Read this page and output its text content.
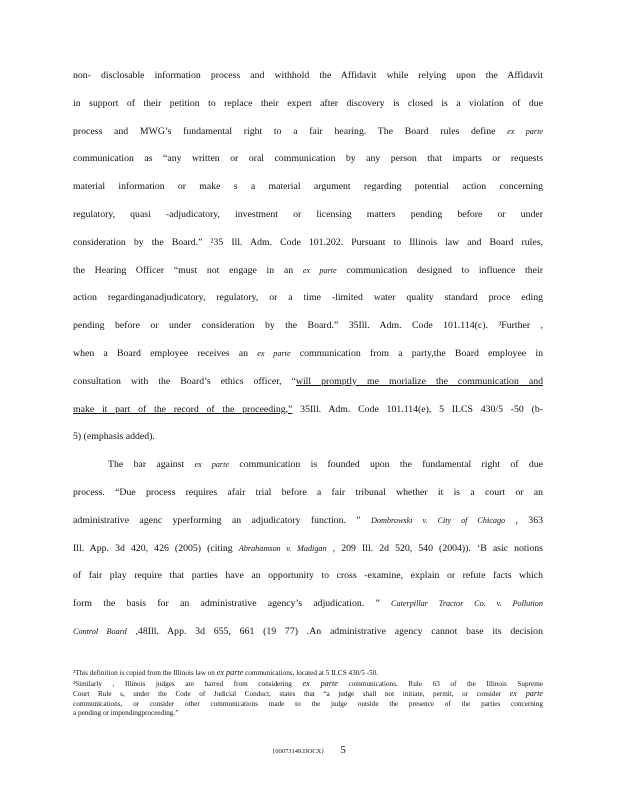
non- disclosable information process and withhold the Affidavit while relying upon the Affidavit
in support of their petition to replace their expert after discovery is closed is a violation of due
process and MWG’s fundamental right to a fair hearing. The Board rules define ex parte
communication as “any written or oral communication by any person that imparts or requests
material information or make s a material argument regarding potential action concerning
regulatory, quasi -adjudicatory, investment or licensing matters pending before or under
consideration by the Board.” ²35 Ill. Adm. Code 101.202. Pursuant to Illinois law and Board rules,
the Hearing Officer “must not engage in an ex parte communication designed to influence their
action regardinganadjudicatory, regulatory, or a time -limited water quality standard proce eding
pending before or under consideration by the Board.” 35Ill. Adm. Code 101.114(c). ³Further ,
when a Board employee receives an ex parte communication from a party,the Board employee in
consultation with the Board’s ethics officer, “will promptly me morialize the communication and
make it part of the record of the proceeding,” 35Ill. Adm. Code 101.114(e), 5 ILCS 430/5 -50 (b-
5) (emphasis added).
The bar against ex parte communication is founded upon the fundamental right of due
process. “Due process requires afair trial before a fair tribunal whether it is a court or an
administrative agenc yperforming an adjudicatory function. ” Dombrowski v. City of Chicago , 363
Ill. App. 3d 420, 426 (2005) (citing Abrahamson v. Madigan , 209 Ill. 2d 520, 540 (2004)). ‘B asic notions
of fair play require that parties have an opportunity to cross -examine, explain or refute facts which
form the basis for an administrative agency’s adjudication. ” Caterpillar Tractor Co. v. Pollution
Control Board ,48Ill. App. 3d 655, 661 (19 77) .An administrative agency cannot base its decision
²This definition is copied from the Illinois law on ex parte communications, located at 5 ILCS 430/5 -50.
³Similarly , Illinois judges are barred from considering ex parte communications. Rule 63 of the Illinois Supreme
Court Rule s, under the Code of Judicial Conduct, states that “a judge shall not initiate, permit, or consider ex parte
communications, or consider other communications made to the judge outside the presence of the parties concerning
a pending or impendingproceeding.”
{00073149.DOCX} 5
